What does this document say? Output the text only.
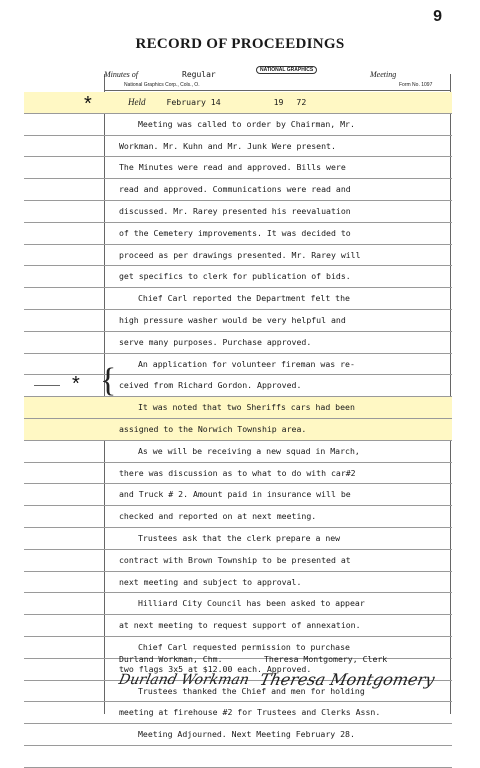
9
RECORD OF PROCEEDINGS
Minutes of	Regular	NATIONAL GRAPHICS	Meeting
National Graphics Corp., Cols., O.	Form No. 1097
Held	February 14	19 72
Meeting was called to order by Chairman, Mr.
Workman. Mr. Kuhn and Mr. Junk Were present.
The Minutes were read and approved. Bills were
read and approved. Communications were read and
discussed. Mr. Rarey presented his reevaluation
of the Cemetery improvements. It was decided to
proceed as per drawings presented. Mr. Rarey will
get specifics to clerk for publication of bids.
Chief Carl reported the Department felt the
high pressure washer would be very helpful and
serve many purposes. Purchase approved.
An application for volunteer fireman was re-
ceived from Richard Gordon. Approved.
It was noted that two Sheriffs cars had been
assigned to the Norwich Township area.
As we will be receiving a new squad in March,
there was discussion as to what to do with car#2
and Truck # 2. Amount paid in insurance will be
checked and reported on at next meeting.
Trustees ask that the clerk prepare a new
contract with Brown Township to be presented at
next meeting and subject to approval.
Hilliard City Council has been asked to appear
at next meeting to request support of annexation.
Chief Carl requested permission to purchase
two flags 3x5 at $12.00 each. Approved.
Trustees thanked the Chief and men for holding
meeting at firehouse #2 for Trustees and Clerks Assn.
Meeting Adjourned. Next Meeting February 28.
*
* {
Durland Workman, Chm.	Theresa Montgomery, Clerk
Durland Workman Theresa Montgomery
